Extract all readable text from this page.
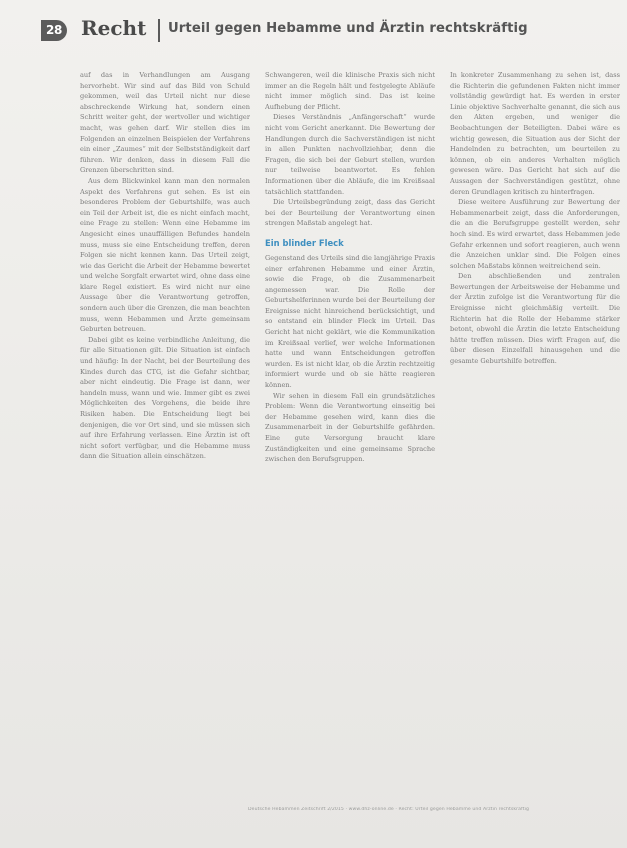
28 Recht Urteil gegen Hebamme und Ärztin rechtskräftig

auf das in Verhandlungen am Ausgang hervorhebt. Wir sind auf das Bild von Schuld gekommen, weil das Urteil nicht nur diese abschreckende Wirkung hat, sondern einen Schritt weiter geht, der wertvoller und wichtiger macht, was gehen darf. Wir stellen dies im Folgenden an einzelnen Beispielen der Verfahrens ein einer „Zaumes“ mit der Selbstständigkeit darf führen. Wir denken, dass in diesem Fall die Grenzen überschritten sind.

Aus dem Blickwinkel kann man den normalen Aspekt des Verfahrens gut sehen. Es ist ein besonderes Problem der Geburtshilfe, was auch ein Teil der Arbeit ist, die es nicht einfach macht, eine Frage zu stellen: Wenn eine Hebamme im Angesicht eines unauffälligen Befundes handeln muss, muss sie eine Entscheidung treffen, deren Folgen sie nicht kennen kann. Das Urteil zeigt, wie das Gericht die Arbeit der Hebamme bewertet und welche Sorgfalt erwartet wird, ohne dass eine klare Regel existiert. Es wird nicht nur eine Aussage über die Verantwortung getroffen, sondern auch über die Grenzen, die man beachten muss, wenn Hebammen und Ärzte gemeinsam Geburten betreuen.

Dabei gibt es keine verbindliche Anleitung, die für alle Situationen gilt. Die Situation ist einfach und häufig: In der Nacht, bei der Beurteilung des Kindes durch das CTG, ist die Gefahr sichtbar, aber nicht eindeutig. Die Frage ist dann, wer handeln muss, wann und wie. Immer gibt es zwei Möglichkeiten des Vorgehens, die beide ihre Risiken haben. Die Entscheidung liegt bei denjenigen, die vor Ort sind, und sie müssen sich auf ihre Erfahrung verlassen. Eine Ärztin ist oft nicht sofort verfügbar, und die Hebamme muss dann die Situation allein einschätzen.

Schwangeren, weil die klinische Praxis sich nicht immer an die Regeln hält und festgelegte Abläufe nicht immer möglich sind. Das ist keine Aufhebung der Pflicht.

Dieses Verständnis „Anfängerschaft“ wurde nicht vom Gericht anerkannt. Die Bewertung der Handlungen durch die Sachverständigen ist nicht in allen Punkten nachvollziehbar, denn die Fragen, die sich bei der Geburt stellen, wurden nur teilweise beantwortet. Es fehlen Informationen über die Abläufe, die im Kreißsaal tatsächlich stattfanden.

Die Urteilsbegründung zeigt, dass das Gericht bei der Beurteilung der Verantwortung einen strengen Maßstab angelegt hat.

Ein blinder Fleck

Gegenstand des Urteils sind die langjährige Praxis einer erfahrenen Hebamme und einer Ärztin, sowie die Frage, ob die Zusammenarbeit angemessen war. Die Rolle der Geburtshelferinnen wurde bei der Beurteilung der Ereignisse nicht hinreichend berücksichtigt, und so entstand ein blinder Fleck im Urteil. Das Gericht hat nicht geklärt, wie die Kommunikation im Kreißsaal verlief, wer welche Informationen hatte und wann Entscheidungen getroffen wurden. Es ist nicht klar, ob die Ärztin rechtzeitig informiert wurde und ob sie hätte reagieren können.

Wir sehen in diesem Fall ein grundsätzliches Problem: Wenn die Verantwortung einseitig bei der Hebamme gesehen wird, kann dies die Zusammenarbeit in der Geburtshilfe gefährden. Eine gute Versorgung braucht klare Zuständigkeiten und eine gemeinsame Sprache zwischen den Berufsgruppen.

In konkreter Zusammenhang zu sehen ist, dass die Richterin die gefundenen Fakten nicht immer vollständig gewürdigt hat. Es werden in erster Linie objektive Sachverhalte genannt, die sich aus den Akten ergeben, und weniger die Beobachtungen der Beteiligten. Dabei wäre es wichtig gewesen, die Situation aus der Sicht der Handelnden zu betrachten, um beurteilen zu können, ob ein anderes Verhalten möglich gewesen wäre. Das Gericht hat sich auf die Aussagen der Sachverständigen gestützt, ohne deren Grundlagen kritisch zu hinterfragen.

Diese weitere Ausführung zur Bewertung der Hebammenarbeit zeigt, dass die Anforderungen, die an die Berufsgruppe gestellt werden, sehr hoch sind. Es wird erwartet, dass Hebammen jede Gefahr erkennen und sofort reagieren, auch wenn die Anzeichen unklar sind. Die Folgen eines solchen Maßstabs können weitreichend sein.

Den abschließenden und zentralen Bewertungen der Arbeitsweise der Hebamme und der Ärztin zufolge ist die Verantwortung für die Ereignisse nicht gleichmäßig verteilt. Die Richterin hat die Rolle der Hebamme stärker betont, obwohl die Ärztin die letzte Entscheidung hätte treffen müssen. Dies wirft Fragen auf, die über diesen Einzelfall hinausgehen und die gesamte Geburtshilfe betreffen.

Deutsche Hebammen Zeitschrift 2/2015 · www.dhz-online.de · Recht: Urteil gegen Hebamme und Ärztin rechtskräftig
